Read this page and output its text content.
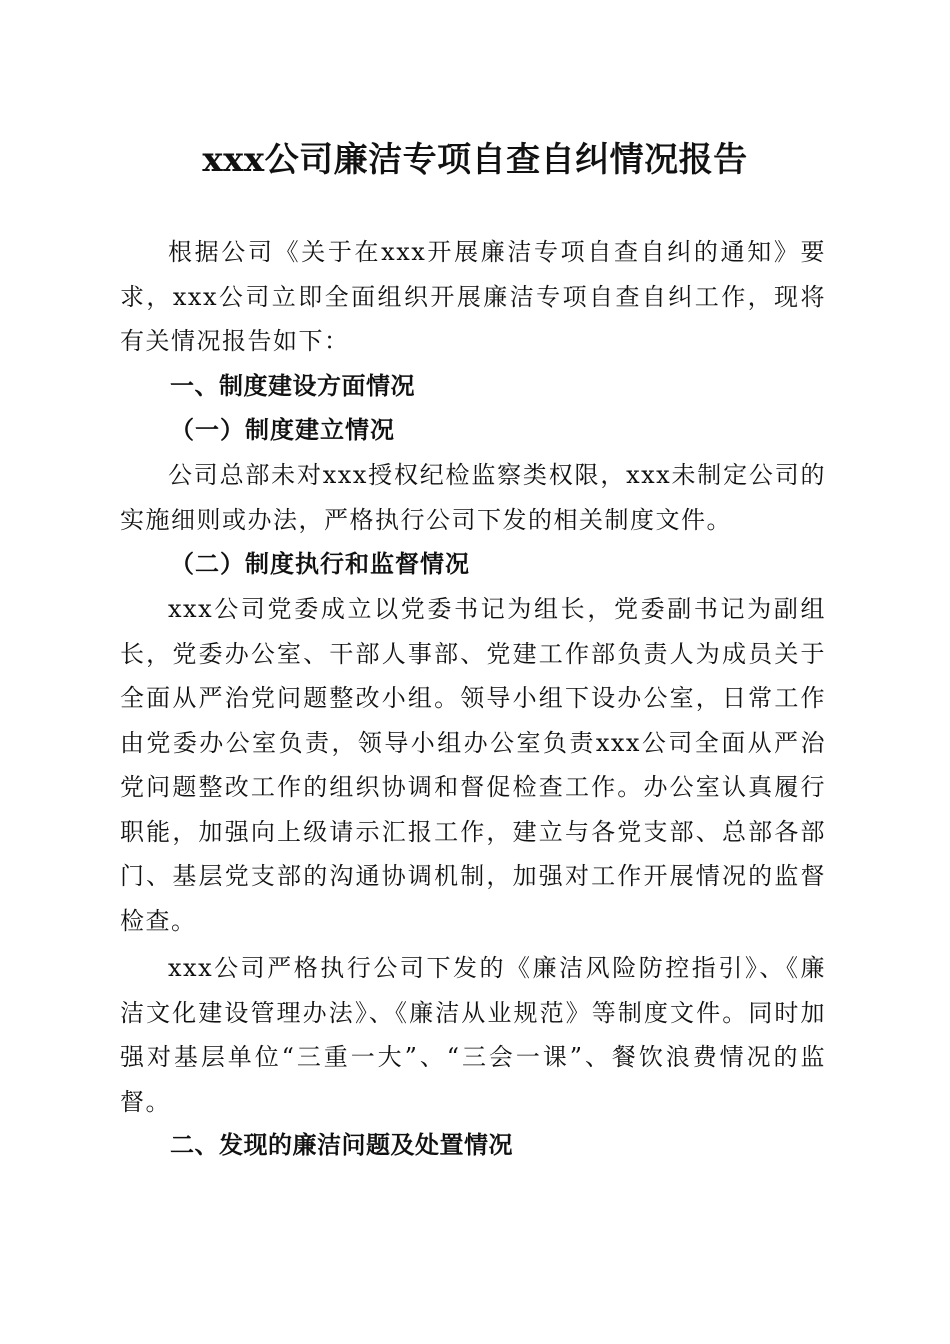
xxx公司廉洁专项自查自纠情况报告

根据公司《关于在xxx开展廉洁专项自查自纠的通知》要求，xxx公司立即全面组织开展廉洁专项自查自纠工作，现将有关情况报告如下：

一、制度建设方面情况
（一）制度建立情况

公司总部未对xxx授权纪检监察类权限，xxx未制定公司的实施细则或办法，严格执行公司下发的相关制度文件。

（二）制度执行和监督情况

xxx公司党委成立以党委书记为组长，党委副书记为副组长，党委办公室、干部人事部、党建工作部负责人为成员关于全面从严治党问题整改小组。领导小组下设办公室，日常工作由党委办公室负责，领导小组办公室负责xxx公司全面从严治党问题整改工作的组织协调和督促检查工作。办公室认真履行职能，加强向上级请示汇报工作，建立与各党支部、总部各部门、基层党支部的沟通协调机制，加强对工作开展情况的监督检查。

xxx公司严格执行公司下发的《廉洁风险防控指引》、《廉洁文化建设管理办法》、《廉洁从业规范》等制度文件。同时加强对基层单位“三重一大”、“三会一课”、餐饮浪费情况的监督。

二、发现的廉洁问题及处置情况
